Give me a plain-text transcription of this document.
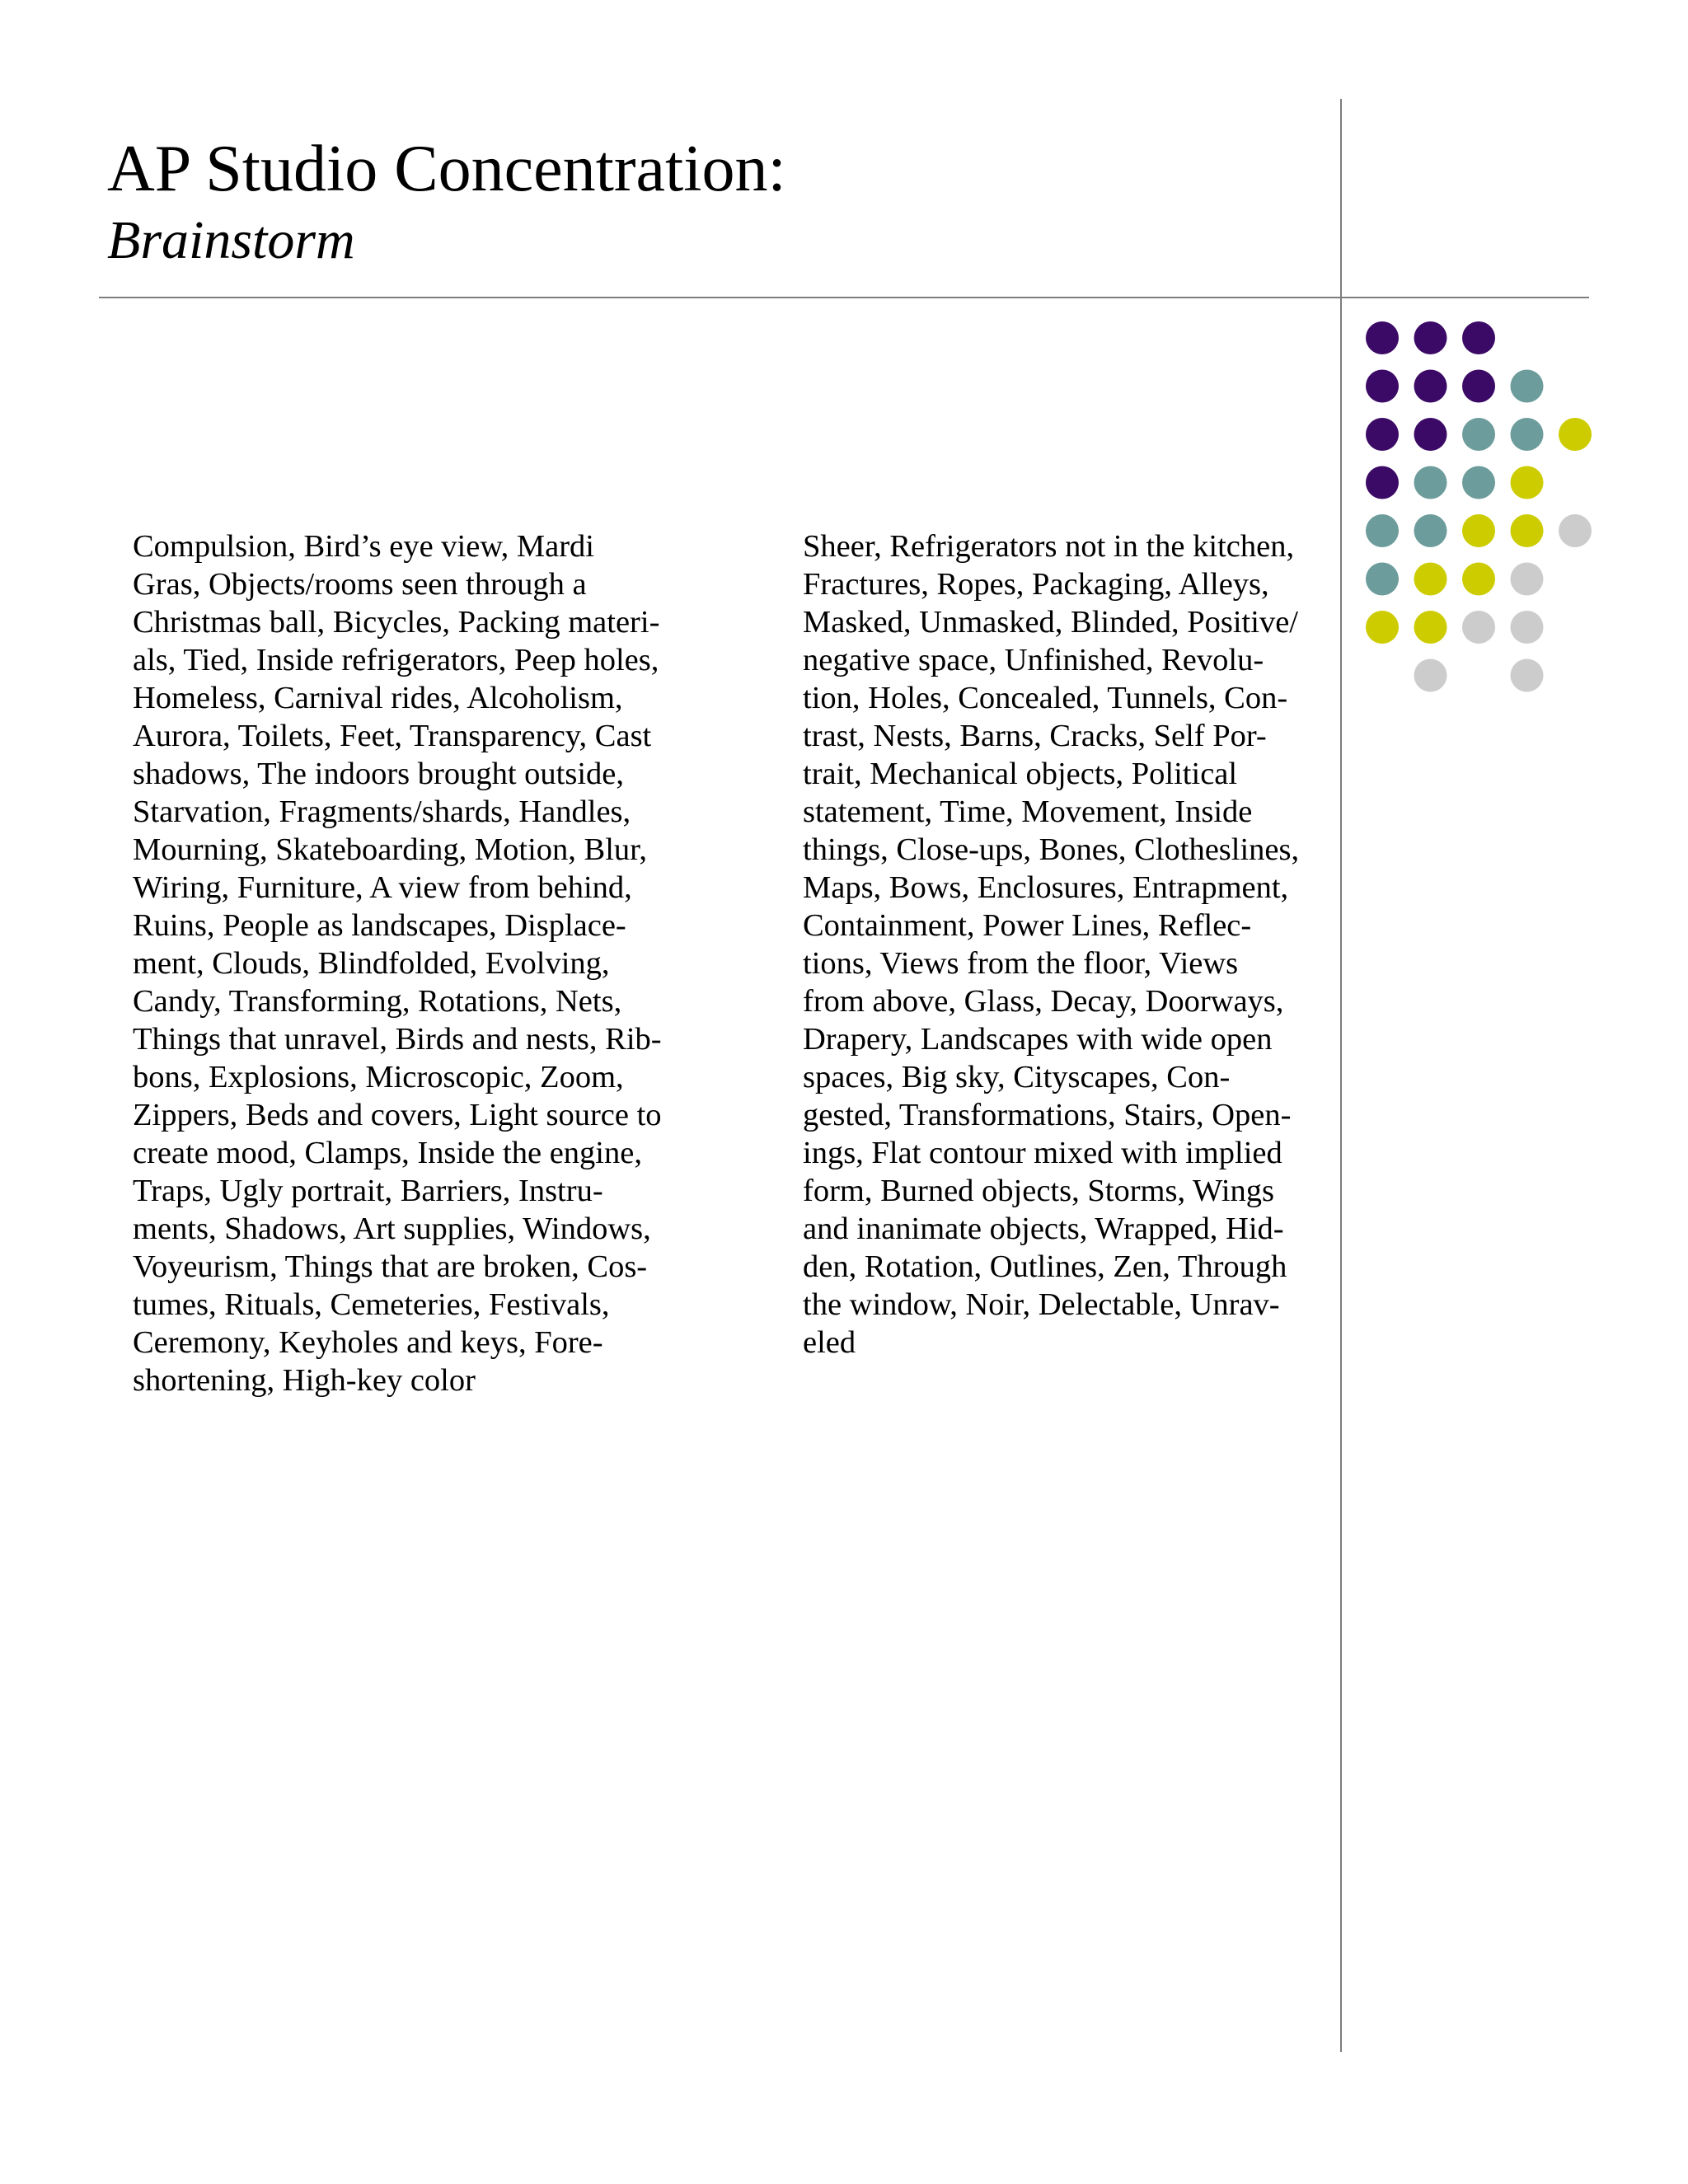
AP Studio Concentration:
Brainstorm
Compulsion, Bird’s eye view, Mardi
Gras, Objects/rooms seen through a
Christmas ball, Bicycles, Packing materi-
als, Tied, Inside refrigerators, Peep holes,
Homeless, Carnival rides, Alcoholism,
Aurora, Toilets, Feet, Transparency, Cast
shadows, The indoors brought outside,
Starvation, Fragments/shards, Handles,
Mourning, Skateboarding, Motion, Blur,
Wiring, Furniture, A view from behind,
Ruins, People as landscapes, Displace-
ment, Clouds, Blindfolded, Evolving,
Candy, Transforming, Rotations, Nets,
Things that unravel, Birds and nests, Rib-
bons, Explosions, Microscopic, Zoom,
Zippers, Beds and covers, Light source to
create mood, Clamps, Inside the engine,
Traps, Ugly portrait, Barriers, Instru-
ments, Shadows, Art supplies, Windows,
Voyeurism, Things that are broken, Cos-
tumes, Rituals, Cemeteries, Festivals,
Ceremony, Keyholes and keys, Fore-
shortening, High-key color
Sheer, Refrigerators not in the kitchen,
Fractures, Ropes, Packaging, Alleys,
Masked, Unmasked, Blinded, Positive/
negative space, Unfinished, Revolu-
tion, Holes, Concealed, Tunnels, Con-
trast, Nests, Barns, Cracks, Self Por-
trait, Mechanical objects, Political
statement, Time, Movement, Inside
things, Close-ups, Bones, Clotheslines,
Maps, Bows, Enclosures, Entrapment,
Containment, Power Lines, Reflec-
tions, Views from the floor, Views
from above, Glass, Decay, Doorways,
Drapery, Landscapes with wide open
spaces, Big sky, Cityscapes, Con-
gested, Transformations, Stairs, Open-
ings, Flat contour mixed with implied
form, Burned objects, Storms, Wings
and inanimate objects, Wrapped, Hid-
den, Rotation, Outlines, Zen, Through
the window, Noir, Delectable, Unrav-
eled
